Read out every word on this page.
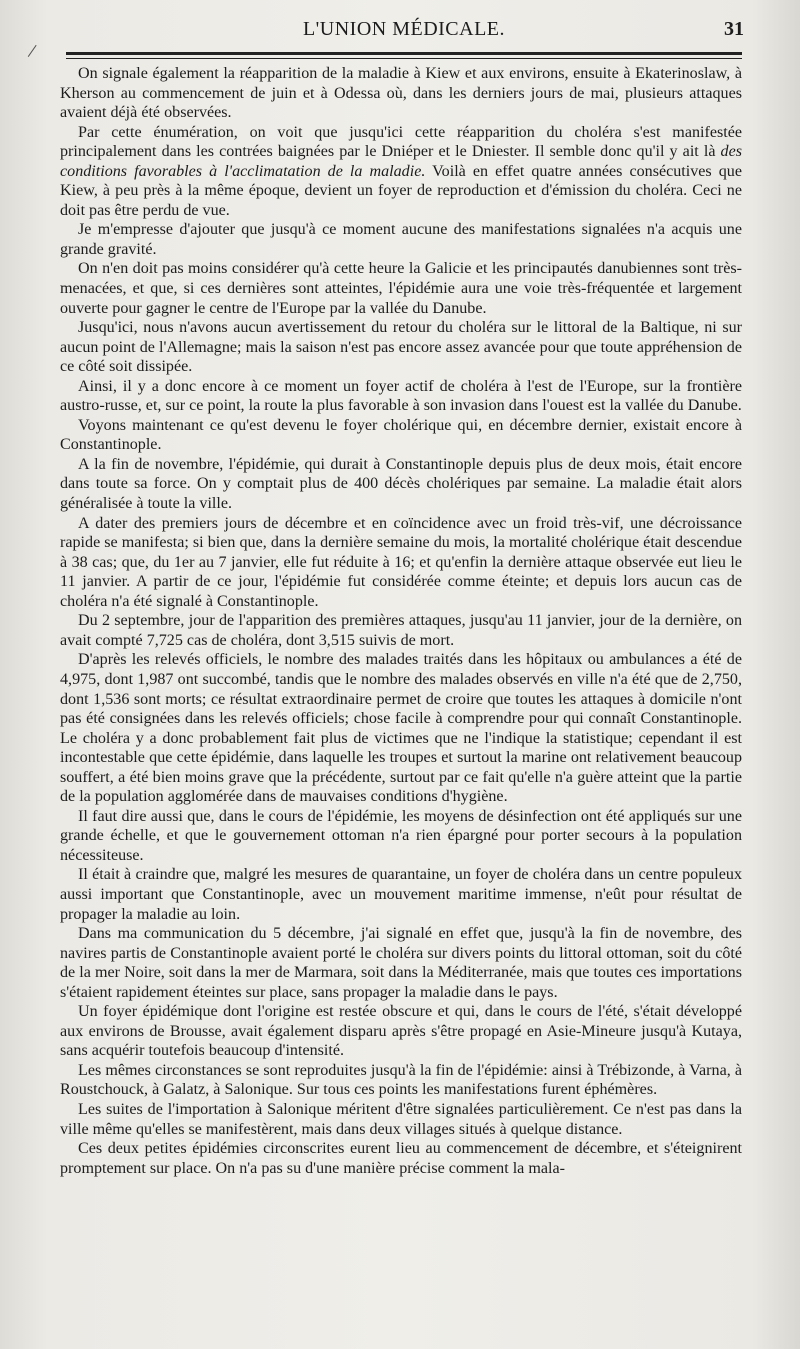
L'UNION MÉDICALE.	31

On signale également la réapparition de la maladie à Kiew et aux environs, ensuite à Ekaterinoslaw, à Kherson au commencement de juin et à Odessa où, dans les derniers jours de mai, plusieurs attaques avaient déjà été observées.

Par cette énumération, on voit que jusqu'ici cette réapparition du choléra s'est manifestée principalement dans les contrées baignées par le Dniéper et le Dniester. Il semble donc qu'il y ait là des conditions favorables à l'acclimatation de la maladie. Voilà en effet quatre années consécutives que Kiew, à peu près à la même époque, devient un foyer de reproduction et d'émission du choléra. Ceci ne doit pas être perdu de vue.

Je m'empresse d'ajouter que jusqu'à ce moment aucune des manifestations signalées n'a acquis une grande gravité.

On n'en doit pas moins considérer qu'à cette heure la Galicie et les principautés danubiennes sont très-menacées, et que, si ces dernières sont atteintes, l'épidémie aura une voie très-fréquentée et largement ouverte pour gagner le centre de l'Europe par la vallée du Danube.

Jusqu'ici, nous n'avons aucun avertissement du retour du choléra sur le littoral de la Baltique, ni sur aucun point de l'Allemagne; mais la saison n'est pas encore assez avancée pour que toute appréhension de ce côté soit dissipée.

Ainsi, il y a donc encore à ce moment un foyer actif de choléra à l'est de l'Europe, sur la frontière austro-russe, et, sur ce point, la route la plus favorable à son invasion dans l'ouest est la vallée du Danube.

Voyons maintenant ce qu'est devenu le foyer cholérique qui, en décembre dernier, existait encore à Constantinople.

A la fin de novembre, l'épidémie, qui durait à Constantinople depuis plus de deux mois, était encore dans toute sa force. On y comptait plus de 400 décès cholériques par semaine. La maladie était alors généralisée à toute la ville.

A dater des premiers jours de décembre et en coïncidence avec un froid très-vif, une décroissance rapide se manifesta; si bien que, dans la dernière semaine du mois, la mortalité cholérique était descendue à 38 cas; que, du 1er au 7 janvier, elle fut réduite à 16; et qu'enfin la dernière attaque observée eut lieu le 11 janvier. A partir de ce jour, l'épidémie fut considérée comme éteinte; et depuis lors aucun cas de choléra n'a été signalé à Constantinople.

Du 2 septembre, jour de l'apparition des premières attaques, jusqu'au 11 janvier, jour de la dernière, on avait compté 7,725 cas de choléra, dont 3,515 suivis de mort.

D'après les relevés officiels, le nombre des malades traités dans les hôpitaux ou ambulances a été de 4,975, dont 1,987 ont succombé, tandis que le nombre des malades observés en ville n'a été que de 2,750, dont 1,536 sont morts; ce résultat extraordinaire permet de croire que toutes les attaques à domicile n'ont pas été consignées dans les relevés officiels; chose facile à comprendre pour qui connaît Constantinople. Le choléra y a donc probablement fait plus de victimes que ne l'indique la statistique; cependant il est incontestable que cette épidémie, dans laquelle les troupes et surtout la marine ont relativement beaucoup souffert, a été bien moins grave que la précédente, surtout par ce fait qu'elle n'a guère atteint que la partie de la population agglomérée dans de mauvaises conditions d'hygiène.

Il faut dire aussi que, dans le cours de l'épidémie, les moyens de désinfection ont été appliqués sur une grande échelle, et que le gouvernement ottoman n'a rien épargné pour porter secours à la population nécessiteuse.

Il était à craindre que, malgré les mesures de quarantaine, un foyer de choléra dans un centre populeux aussi important que Constantinople, avec un mouvement maritime immense, n'eût pour résultat de propager la maladie au loin.

Dans ma communication du 5 décembre, j'ai signalé en effet que, jusqu'à la fin de novembre, des navires partis de Constantinople avaient porté le choléra sur divers points du littoral ottoman, soit du côté de la mer Noire, soit dans la mer de Marmara, soit dans la Méditerranée, mais que toutes ces importations s'étaient rapidement éteintes sur place, sans propager la maladie dans le pays.

Un foyer épidémique dont l'origine est restée obscure et qui, dans le cours de l'été, s'était développé aux environs de Brousse, avait également disparu après s'être propagé en Asie-Mineure jusqu'à Kutaya, sans acquérir toutefois beaucoup d'intensité.

Les mêmes circonstances se sont reproduites jusqu'à la fin de l'épidémie: ainsi à Trébizonde, à Varna, à Roustchouck, à Galatz, à Salonique. Sur tous ces points les manifestations furent éphémères.

Les suites de l'importation à Salonique méritent d'être signalées particulièrement. Ce n'est pas dans la ville même qu'elles se manifestèrent, mais dans deux villages situés à quelque distance.

Ces deux petites épidémies circonscrites eurent lieu au commencement de décembre, et s'éteignirent promptement sur place. On n'a pas su d'une manière précise comment la mala-
